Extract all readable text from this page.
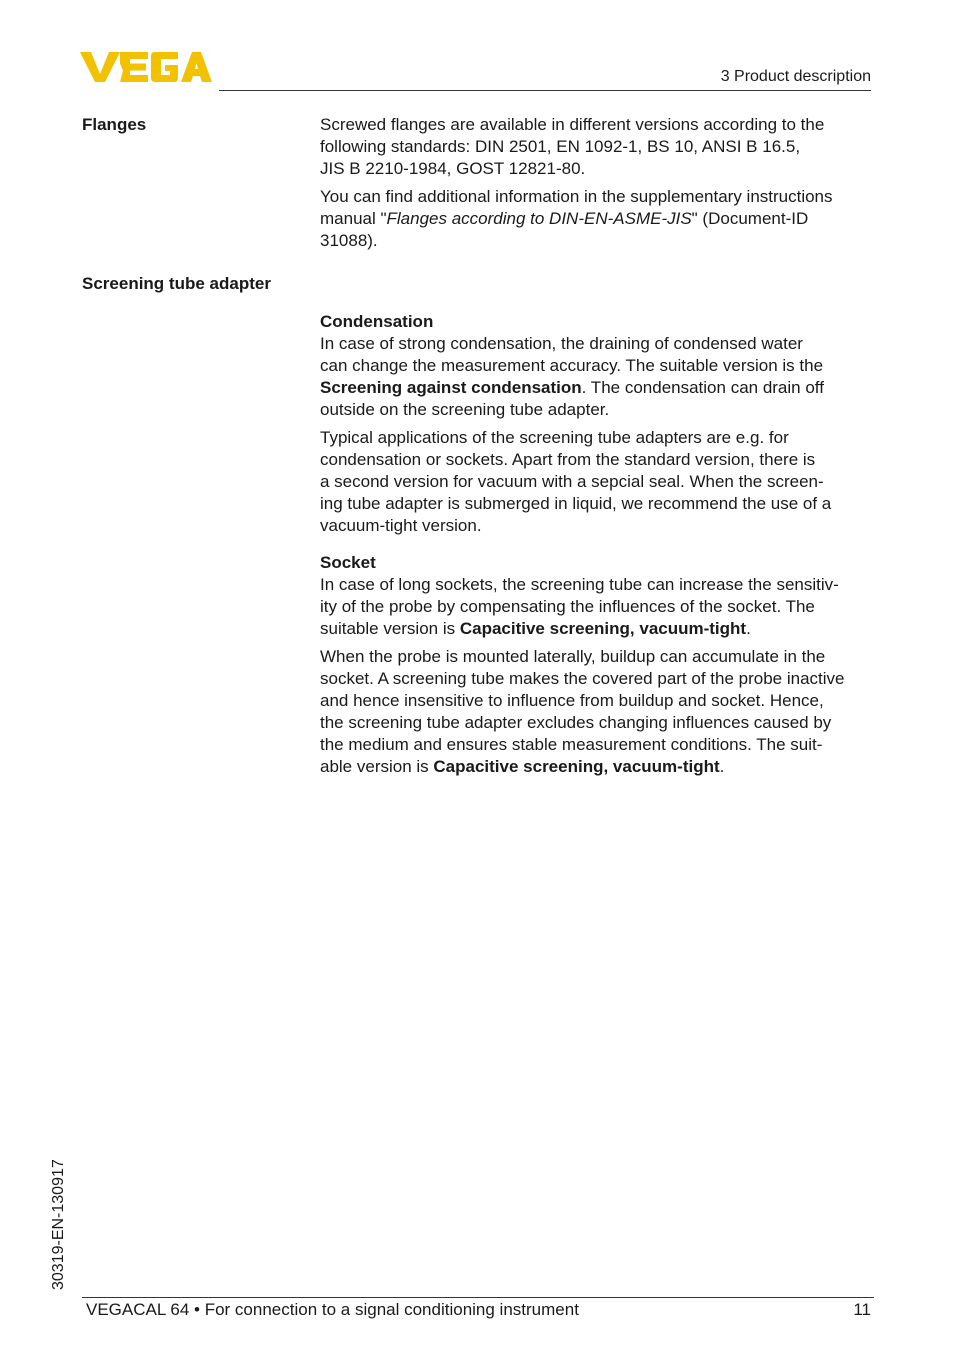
3 Product description
Flanges	Screwed flanges are available in different versions according to the
following standards: DIN 2501, EN 1092-1, BS 10, ANSI B 16.5,
JIS B 2210-1984, GOST 12821-80.

You can find additional information in the supplementary instructions
manual "Flanges according to DIN-EN-ASME-JIS" (Document-ID
31088).

Screening tube adapter

Condensation
In case of strong condensation, the draining of condensed water
can change the measurement accuracy. The suitable version is the
Screening against condensation. The condensation can drain off
outside on the screening tube adapter.

Typical applications of the screening tube adapters are e.g. for
condensation or sockets. Apart from the standard version, there is
a second version for vacuum with a sepcial seal. When the screen-
ing tube adapter is submerged in liquid, we recommend the use of a
vacuum-tight version.

Socket
In case of long sockets, the screening tube can increase the sensitiv-
ity of the probe by compensating the influences of the socket. The
suitable version is Capacitive screening, vacuum-tight.

When the probe is mounted laterally, buildup can accumulate in the
socket. A screening tube makes the covered part of the probe inactive
and hence insensitive to influence from buildup and socket. Hence,
the screening tube adapter excludes changing influences caused by
the medium and ensures stable measurement conditions. The suit-
able version is Capacitive screening, vacuum-tight.

30319-EN-130917
VEGACAL 64 • For connection to a signal conditioning instrument	11
